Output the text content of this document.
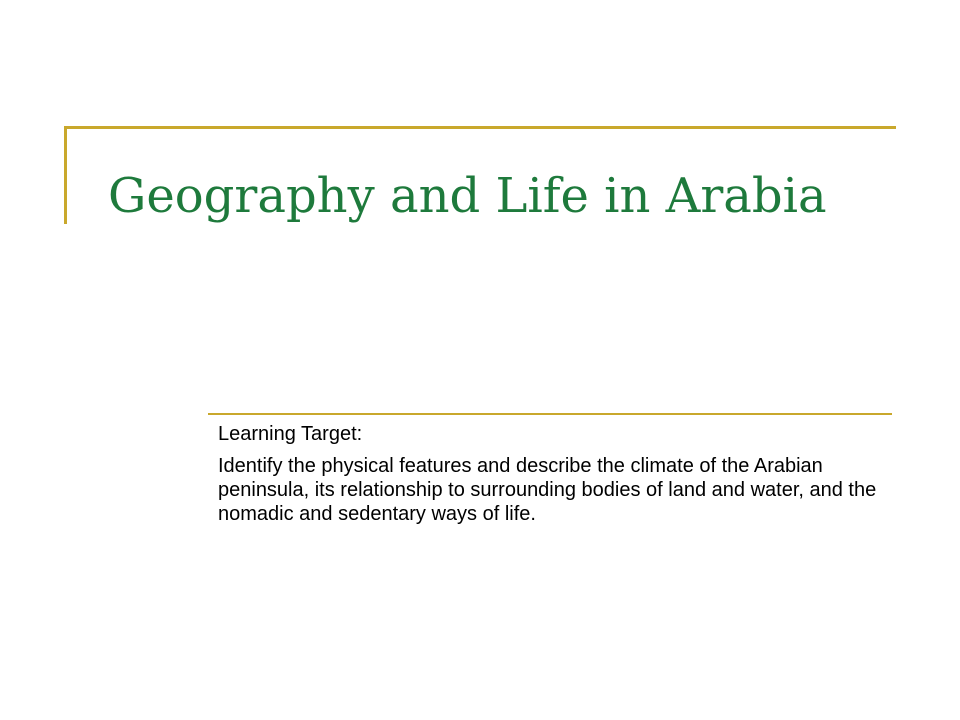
Geography and Life in Arabia

Learning Target:

Identify the physical features and describe the climate of the Arabian peninsula, its relationship to surrounding bodies of land and water, and the nomadic and sedentary ways of life.
